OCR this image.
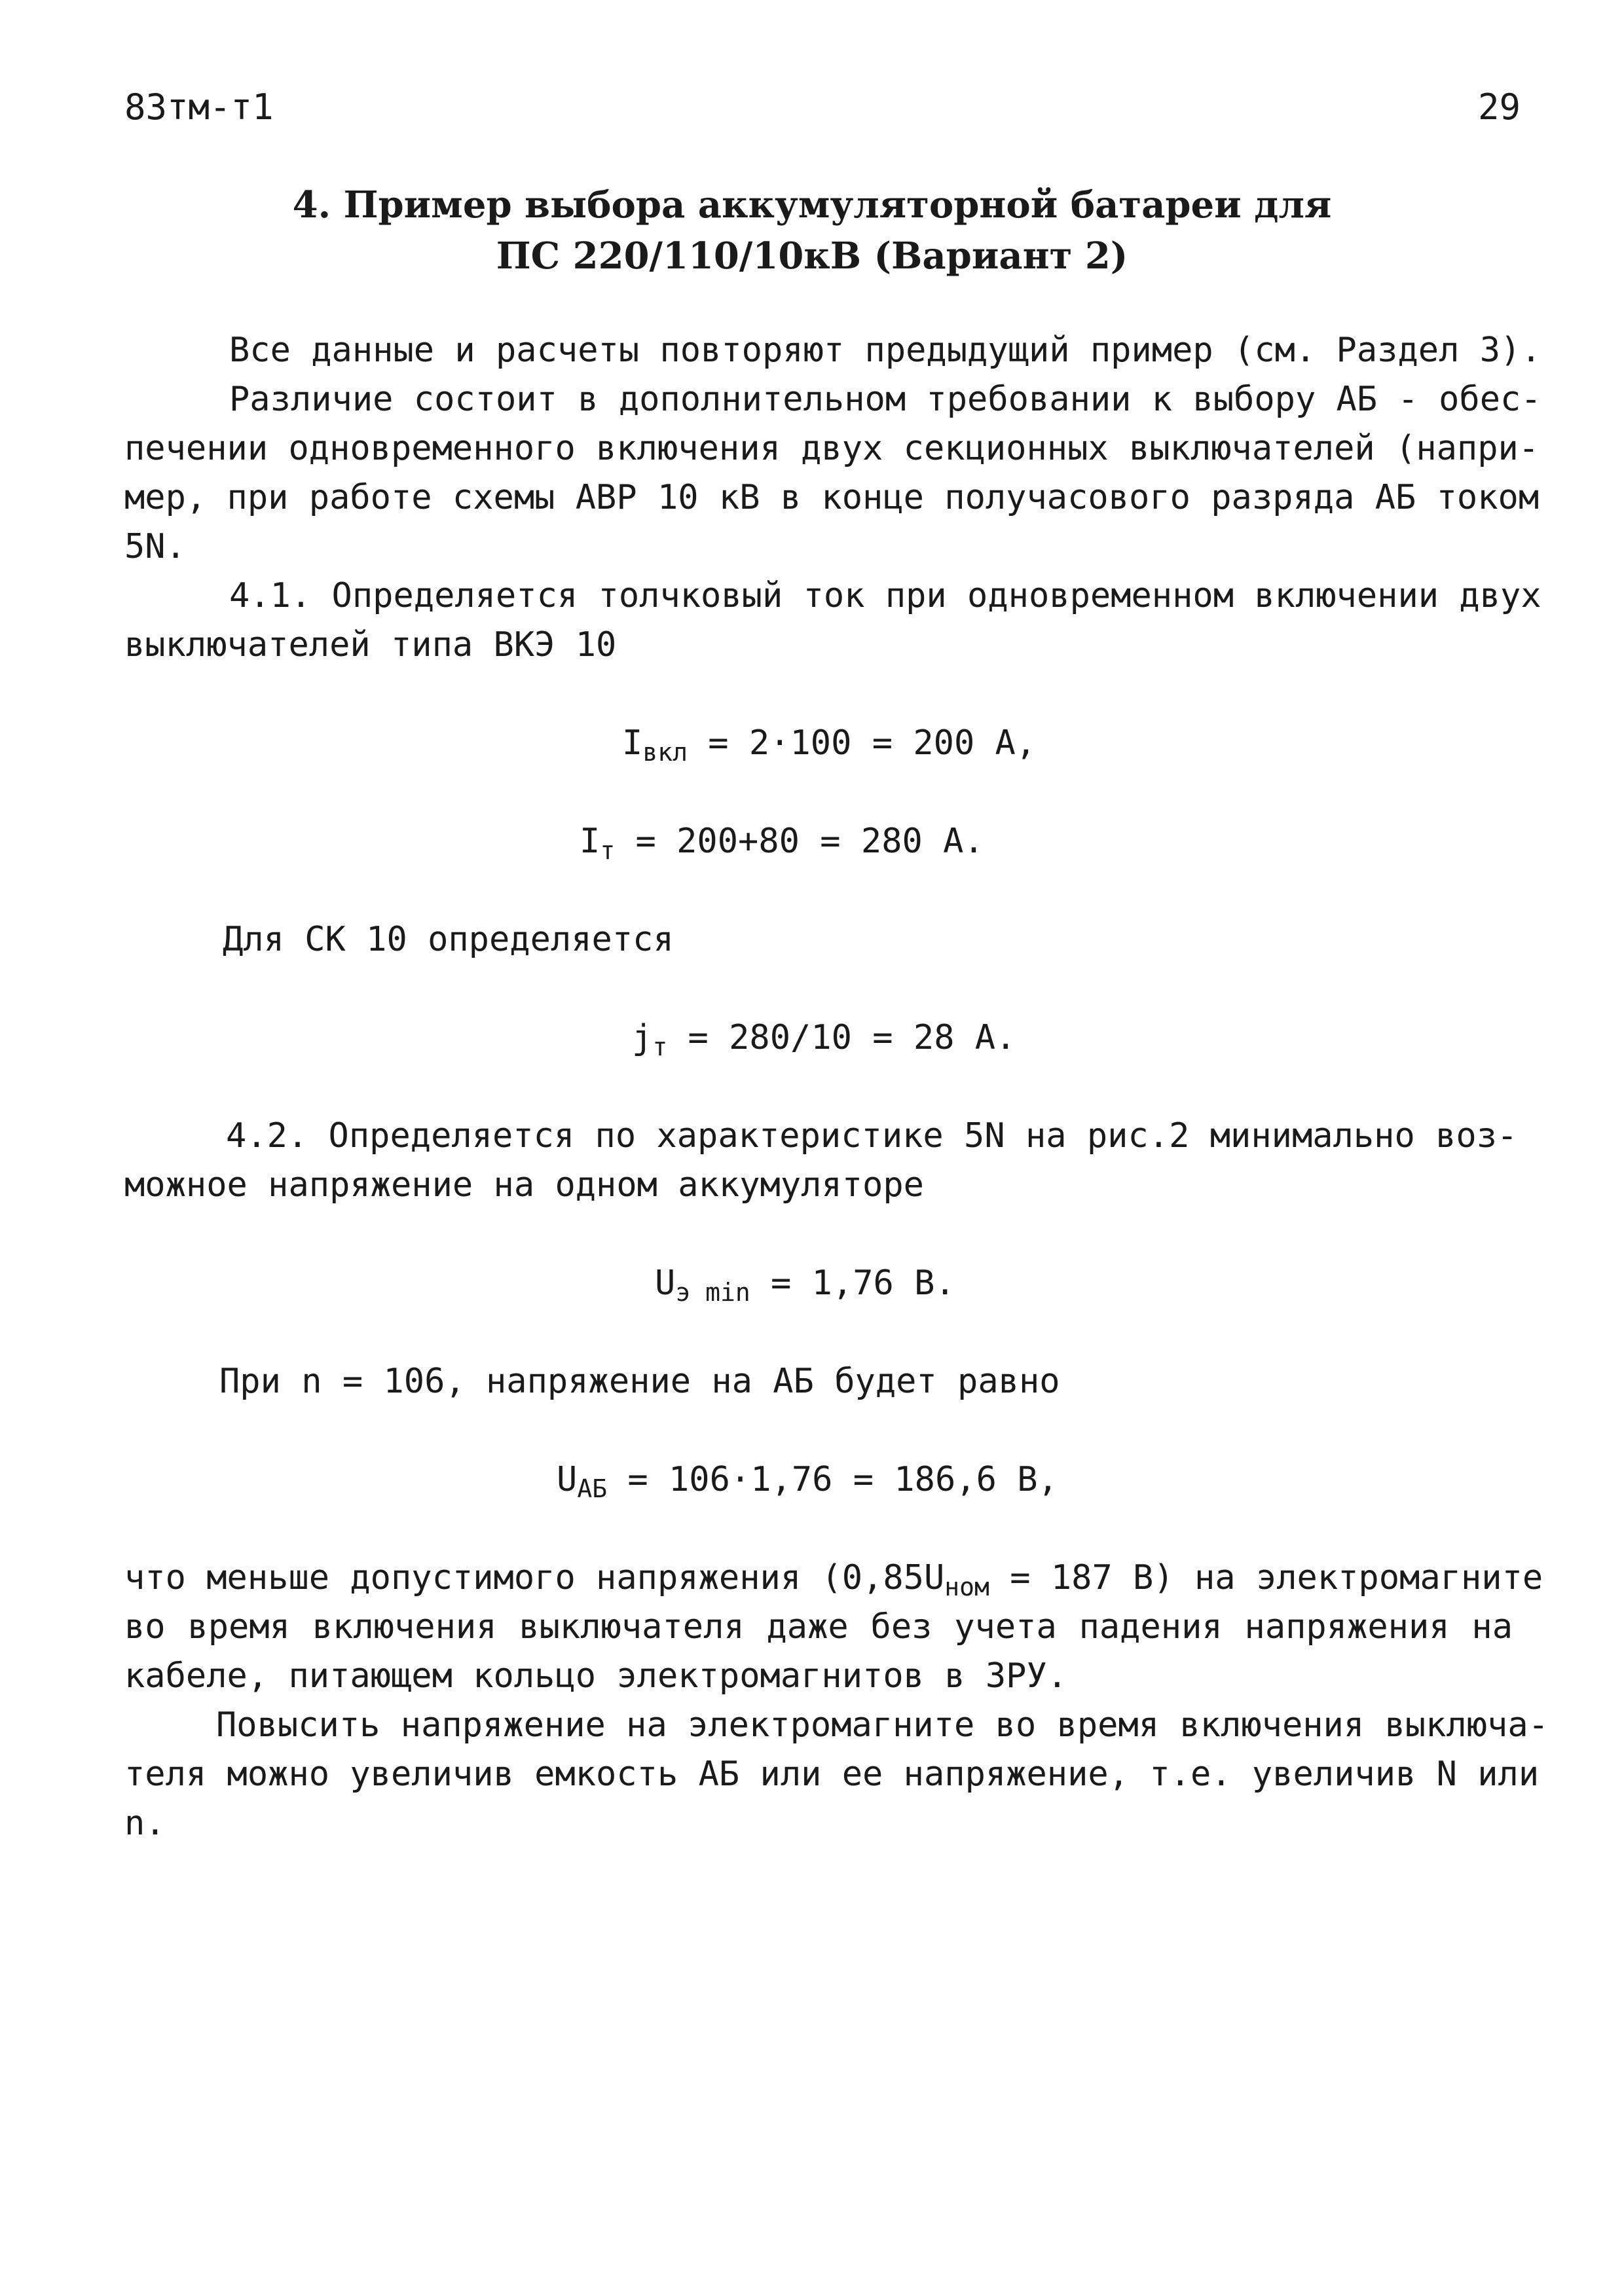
83тм-т1	29
4. Пример выбора аккумуляторной батареи для
ПС 220/110/10кВ (Вариант 2)
Все данные и расчеты повторяют предыдущий пример (см. Раздел 3).
Различие состоит в дополнительном требовании к выбору АБ - обес-
печении одновременного включения двух секционных выключателей (напри-
мер, при работе схемы АВР 10 кВ в конце получасового разряда АБ током
5N.
4.1. Определяется толчковый ток при одновременном включении двух
выключателей типа ВКЭ 10
$I_{вкл} = 2\cdot 100 = 200$ А,
$I_т = 200+80 = 280$ А.
Для СК 10 определяется
$j_т = 280/10 = 28$ А.
4.2. Определяется по характеристике 5N на рис.2 минимально воз-
можное напряжение на одном аккумуляторе
$U_{э min} = 1,76$ В.
При n = 106, напряжение на АБ будет равно
$U_{АБ} = 106\cdot 1,76 = 186,6$ В,
что меньше допустимого напряжения ($0,85U_{ном} = 187$ В) на электромагните
во время включения выключателя даже без учета падения напряжения на
кабеле, питающем кольцо электромагнитов в ЗРУ.
Повысить напряжение на электромагните во время включения выключа-
теля можно увеличив емкость АБ или ее напряжение, т.е. увеличив N или
n.
